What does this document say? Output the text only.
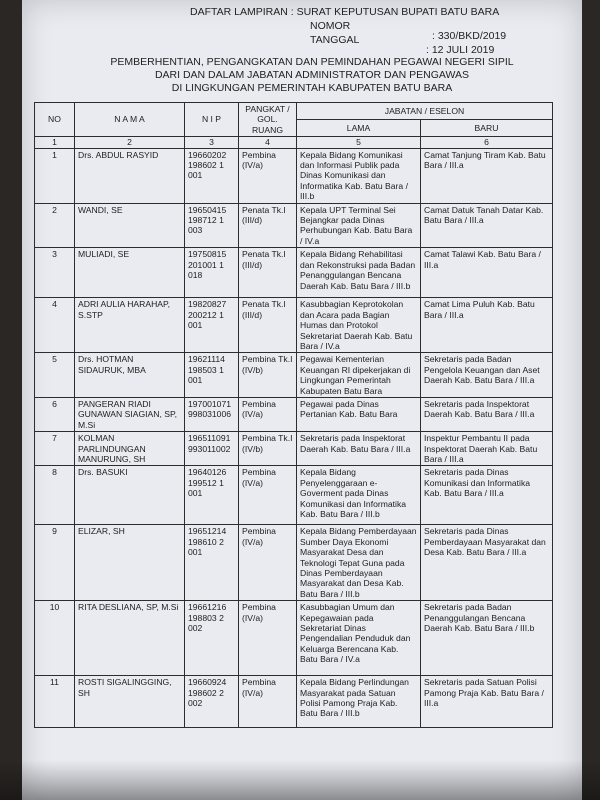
DAFTAR LAMPIRAN : SURAT KEPUTUSAN BUPATI BATU BARA
NOMOR
TANGGAL	: 330/BKD/2019
: 12 JULI 2019
PEMBERHENTIAN, PENGANGKATAN DAN PEMINDAHAN PEGAWAI NEGERI SIPIL
DARI DAN DALAM JABATAN ADMINISTRATOR DAN PENGAWAS
DI LINGKUNGAN PEMERINTAH KABUPATEN BATU BARA
NO	N A M A	N I P	PANGKAT / GOL. RUANG	JABATAN / ESELON	
				LAMA	BARU
1	2	3	4	5	6
1	Drs. ABDUL RASYID	19660202 198602 1 001	Pembina (IV/a)	Kepala Bidang Komunikasi dan Informasi Publik pada Dinas Komunikasi dan Informatika Kab. Batu Bara / III.b	Camat Tanjung Tiram Kab. Batu Bara / III.a
2	WANDI, SE	19650415 198712 1 003	Penata Tk.I (III/d)	Kepala UPT Terminal Sei Bejangkar pada Dinas Perhubungan Kab. Batu Bara / IV.a	Camat Datuk Tanah Datar Kab. Batu Bara / III.a
3	MULIADI, SE	19750815 201001 1 018	Penata Tk.I (III/d)	Kepala Bidang Rehabilitasi dan Rekonstruksi pada Badan Penanggulangan Bencana Daerah Kab. Batu Bara / III.b	Camat Talawi Kab. Batu Bara / III.a
4	ADRI AULIA HARAHAP, S.STP	19820827 200212 1 001	Penata Tk.I (III/d)	Kasubbagian Keprotokolan dan Acara pada Bagian Humas dan Protokol Sekretariat Daerah Kab. Batu Bara / IV.a	Camat Lima Puluh Kab. Batu Bara / III.a
5	Drs. HOTMAN SIDAURUK, MBA	19621114 198503 1 001	Pembina Tk.I (IV/b)	Pegawai Kementerian Keuangan RI dipekerjakan di Lingkungan Pemerintah Kabupaten Batu Bara	Sekretaris pada Badan Pengelola Keuangan dan Aset Daerah Kab. Batu Bara / III.a
6	PANGERAN RIADI GUNAWAN SIAGIAN, SP, M.Si	197001071 998031006	Pembina (IV/a)	Pegawai pada Dinas Pertanian Kab. Batu Bara	Sekretaris pada Inspektorat Daerah Kab. Batu Bara / III.a
7	KOLMAN PARLINDUNGAN MANURUNG, SH	196511091 993011002	Pembina Tk.I (IV/b)	Sekretaris pada Inspektorat Daerah Kab. Batu Bara / III.a	Inspektur Pembantu II pada Inspektorat Daerah Kab. Batu Bara / III.a
8	Drs. BASUKI	19640126 199512 1 001	Pembina (IV/a)	Kepala Bidang Penyelenggaraan e-Goverment pada Dinas Komunikasi dan Informatika Kab. Batu Bara / III.b	Sekretaris pada Dinas Komunikasi dan Informatika Kab. Batu Bara / III.a
9	ELIZAR, SH	19651214 198610 2 001	Pembina (IV/a)	Kepala Bidang Pemberdayaan Sumber Daya Ekonomi Masyarakat Desa dan Teknologi Tepat Guna pada Dinas Pemberdayaan Masyarakat dan Desa Kab. Batu Bara / III.b	Sekretaris pada Dinas Pemberdayaan Masyarakat dan Desa Kab. Batu Bara / III.a
10	RITA DESLIANA, SP, M.Si	19661216 198803 2 002	Pembina (IV/a)	Kasubbagian Umum dan Kepegawaian pada Sekretariat Dinas Pengendalian Penduduk dan Keluarga Berencana Kab. Batu Bara / IV.a	Sekretaris pada Badan Penanggulangan Bencana Daerah Kab. Batu Bara / III.b
11	ROSTI SIGALINGGING, SH	19660924 198602 2 002	Pembina (IV/a)	Kepala Bidang Perlindungan Masyarakat pada Satuan Polisi Pamong Praja Kab. Batu Bara / III.b	Sekretaris pada Satuan Polisi Pamong Praja Kab. Batu Bara / III.a
